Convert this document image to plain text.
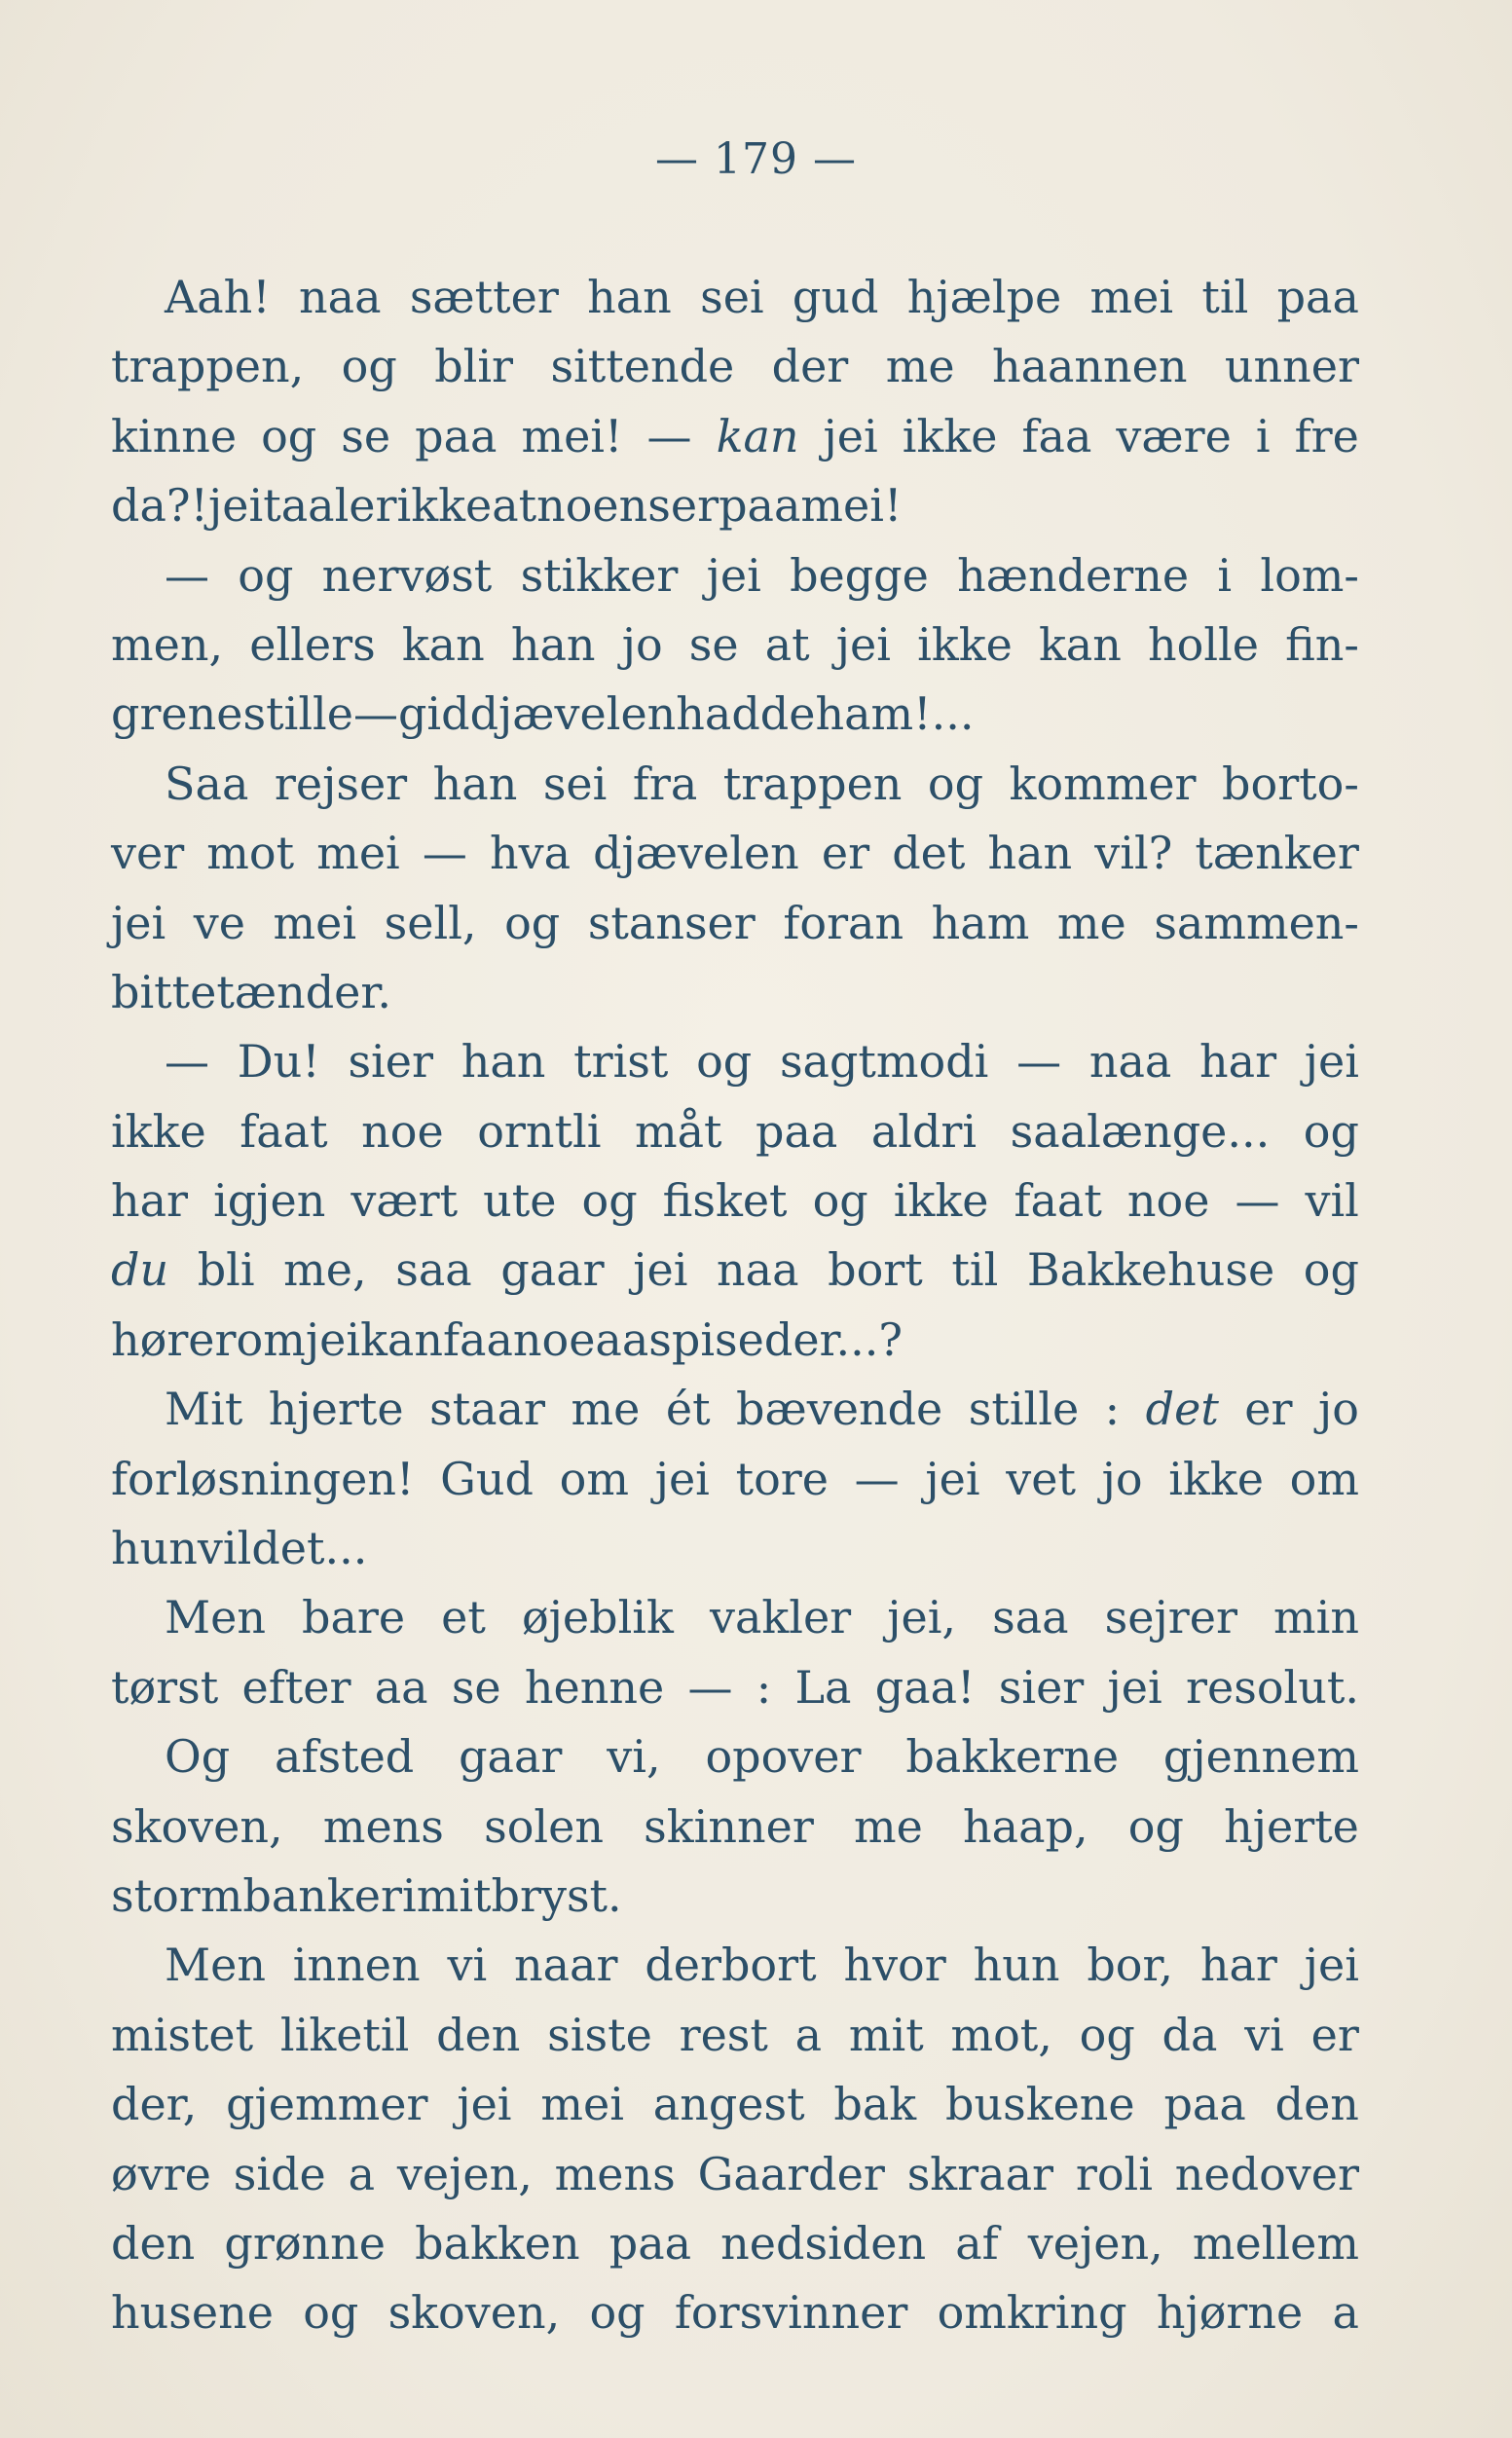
— 179 —
Aah! naa sætter han sei gud hjælpe mei til paa
trappen, og blir sittende der me haannen unner
kinne og se paa mei! — kan jei ikke faa være i fre
da?! jei taaler ikke at noen ser paa mei!
— og nervøst stikker jei begge hænderne i lom-
men, ellers kan han jo se at jei ikke kan holle fin-
grene stille — gid djævelen hadde ham!...
Saa rejser han sei fra trappen og kommer borto-
ver mot mei — hva djævelen er det han vil? tænker
jei ve mei sell, og stanser foran ham me sammen-
bitte tænder.
— Du! sier han trist og sagtmodi — naa har jei
ikke faat noe orntli måt paa aldri saalænge... og
har igjen vært ute og fisket og ikke faat noe — vil
du bli me, saa gaar jei naa bort til Bakkehuse og
hører om jei kan faa noe aa spise der...?
Mit hjerte staar me ét bævende stille : det er jo
forløsningen! Gud om jei tore — jei vet jo ikke om
hun vil det...
Men bare et øjeblik vakler jei, saa sejrer min
tørst efter aa se henne — : La gaa! sier jei resolut.
Og afsted gaar vi, opover bakkerne gjennem
skoven, mens solen skinner me haap, og hjerte
stormbanker i mit bryst.
Men innen vi naar derbort hvor hun bor, har jei
mistet liketil den siste rest a mit mot, og da vi er
der, gjemmer jei mei angest bak buskene paa den
øvre side a vejen, mens Gaarder skraar roli nedover
den grønne bakken paa nedsiden af vejen, mellem
husene og skoven, og forsvinner omkring hjørne a
